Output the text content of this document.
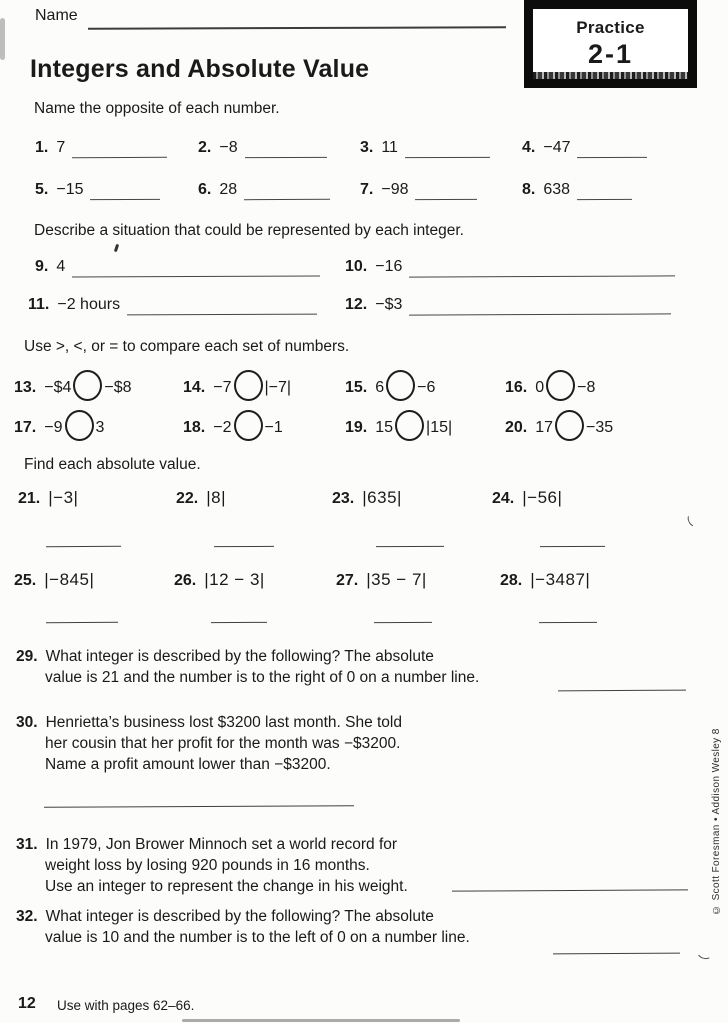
Name
Practice
2-1
Integers and Absolute Value
Name the opposite of each number.
1. 7	2. −8	3. 11	4. −47
5. −15	6. 28	7. −98	8. 638
Describe a situation that could be represented by each integer.
9. 4	10. −16
11. −2 hours	12. −$3
Use >, <, or = to compare each set of numbers.
13. −$4 −$8	14. −7 |−7|	15. 6 −6	16. 0 −8
17. −9 3	18. −2 −1	19. 15 |15|	20. 17 −35
Find each absolute value.
21. |−3|	22. |8|	23. |635|	24. |−56|
25. |−845|	26. |12 − 3|	27. |35 − 7|	28. |−3487|
29. What integer is described by the following? The absolute
value is 21 and the number is to the right of 0 on a number line.
30. Henrietta’s business lost $3200 last month. She told
her cousin that her profit for the month was −$3200.
Name a profit amount lower than −$3200.
31. In 1979, Jon Brower Minnoch set a world record for
weight loss by losing 920 pounds in 16 months.
Use an integer to represent the change in his weight.
32. What integer is described by the following? The absolute
value is 10 and the number is to the left of 0 on a number line.
12 Use with pages 62–66.
© Scott Foresman • Addison Wesley 8
